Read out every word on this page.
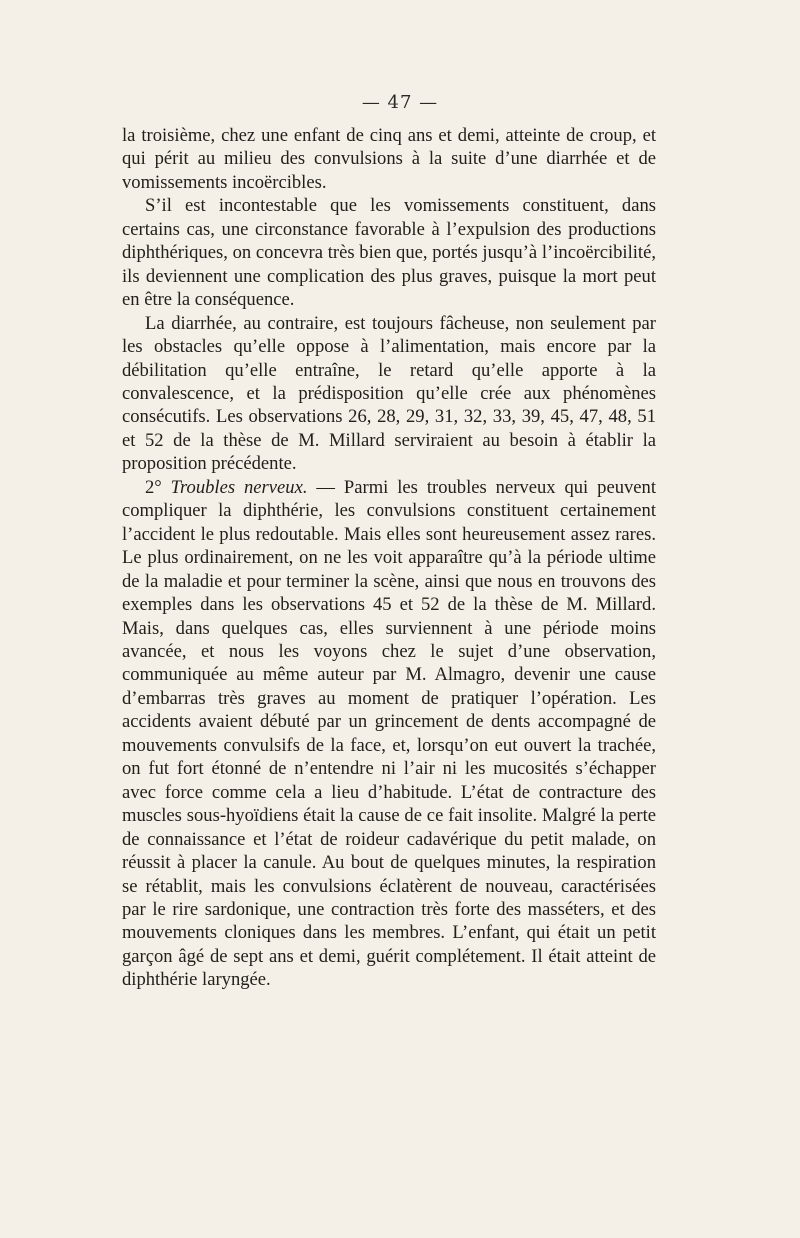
— 47 —

la troisième, chez une enfant de cinq ans et demi, atteinte de croup, et qui périt au milieu des convulsions à la suite d’une diarrhée et de vomissements incoërcibles.

S’il est incontestable que les vomissements constituent, dans certains cas, une circonstance favorable à l’expulsion des productions diphthériques, on concevra très bien que, portés jusqu’à l’incoërcibilité, ils deviennent une complication des plus graves, puisque la mort peut en être la conséquence.

La diarrhée, au contraire, est toujours fâcheuse, non seulement par les obstacles qu’elle oppose à l’alimentation, mais encore par la débilitation qu’elle entraîne, le retard qu’elle apporte à la convalescence, et la prédisposition qu’elle crée aux phénomènes consécutifs. Les observations 26, 28, 29, 31, 32, 33, 39, 45, 47, 48, 51 et 52 de la thèse de M. Millard serviraient au besoin à établir la proposition précédente.

2° Troubles nerveux. — Parmi les troubles nerveux qui peuvent compliquer la diphthérie, les convulsions constituent certainement l’accident le plus redoutable. Mais elles sont heureusement assez rares. Le plus ordinairement, on ne les voit apparaître qu’à la période ultime de la maladie et pour terminer la scène, ainsi que nous en trouvons des exemples dans les observations 45 et 52 de la thèse de M. Millard. Mais, dans quelques cas, elles surviennent à une période moins avancée, et nous les voyons chez le sujet d’une observation, communiquée au même auteur par M. Almagro, devenir une cause d’embarras très graves au moment de pratiquer l’opération. Les accidents avaient débuté par un grincement de dents accompagné de mouvements convulsifs de la face, et, lorsqu’on eut ouvert la trachée, on fut fort étonné de n’entendre ni l’air ni les mucosités s’échapper avec force comme cela a lieu d’habitude. L’état de contracture des muscles sous-hyoïdiens était la cause de ce fait insolite. Malgré la perte de connaissance et l’état de roideur cadavérique du petit malade, on réussit à placer la canule. Au bout de quelques minutes, la respiration se rétablit, mais les convulsions éclatèrent de nouveau, caractérisées par le rire sardonique, une contraction très forte des masséters, et des mouvements cloniques dans les membres. L’enfant, qui était un petit garçon âgé de sept ans et demi, guérit complétement. Il était atteint de diphthérie laryngée.
